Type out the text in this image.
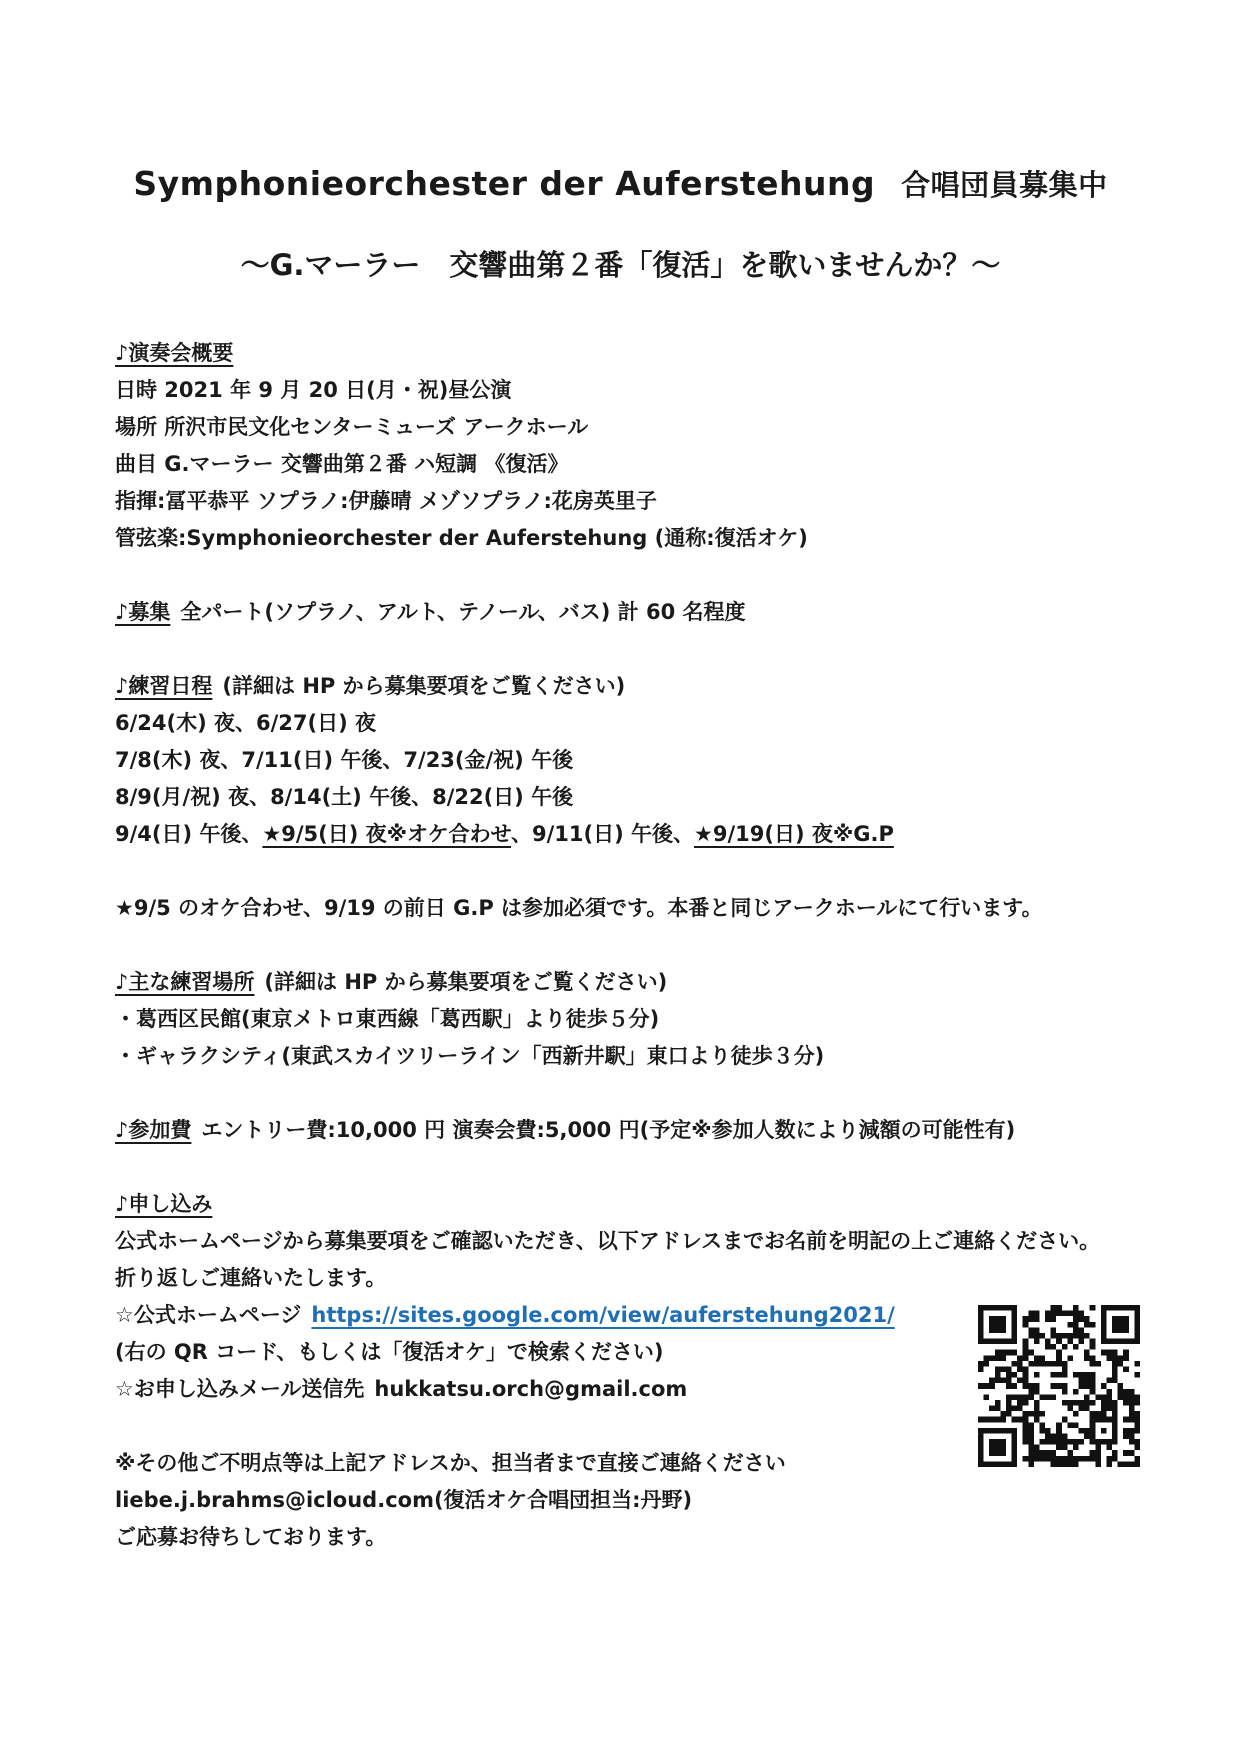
Symphonieorchester der Auferstehung 合唱団員募集中
～G.マーラー　交響曲第２番「復活」を歌いませんか？～
♪演奏会概要
日時 2021 年 9 月 20 日(月・祝)昼公演
場所 所沢市民文化センターミューズ アークホール
曲目 G.マーラー 交響曲第２番 ハ短調 《復活》
指揮:冨平恭平 ソプラノ:伊藤晴 メゾソプラノ:花房英里子
管弦楽:Symphonieorchester der Auferstehung (通称:復活オケ)
♪募集 全パート(ソプラノ、アルト、テノール、バス) 計 60 名程度
♪練習日程 (詳細は HP から募集要項をご覧ください)
6/24(木) 夜、6/27(日) 夜
7/8(木) 夜、7/11(日) 午後、7/23(金/祝) 午後
8/9(月/祝) 夜、8/14(土) 午後、8/22(日) 午後
9/4(日) 午後、★9/5(日) 夜※オケ合わせ、9/11(日) 午後、★9/19(日) 夜※G.P
★9/5 のオケ合わせ、9/19 の前日 G.P は参加必須です。本番と同じアークホールにて行います。
♪主な練習場所 (詳細は HP から募集要項をご覧ください)
・葛西区民館(東京メトロ東西線「葛西駅」より徒歩５分)
・ギャラクシティ(東武スカイツリーライン「西新井駅」東口より徒歩３分)
♪参加費 エントリー費:10,000 円 演奏会費:5,000 円(予定※参加人数により減額の可能性有)
♪申し込み
公式ホームページから募集要項をご確認いただき、以下アドレスまでお名前を明記の上ご連絡ください。
折り返しご連絡いたします。
☆公式ホームページ https://sites.google.com/view/auferstehung2021/
(右の QR コード、もしくは「復活オケ」で検索ください)
☆お申し込みメール送信先 hukkatsu.orch@gmail.com
※その他ご不明点等は上記アドレスか、担当者まで直接ご連絡ください
liebe.j.brahms@icloud.com(復活オケ合唱団担当:丹野)
ご応募お待ちしております。
